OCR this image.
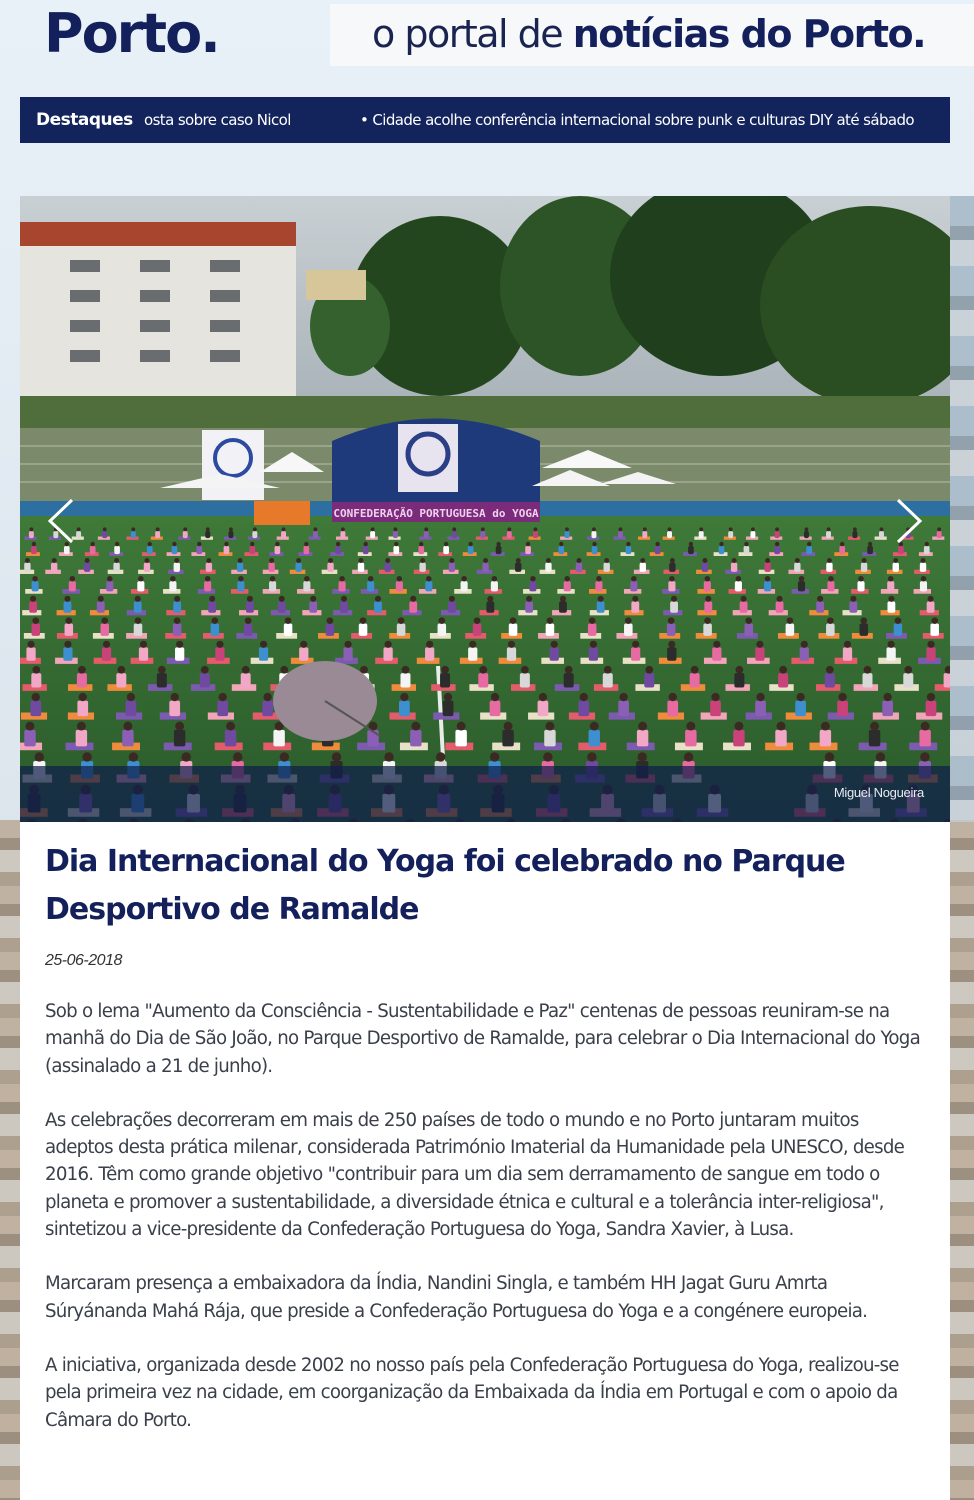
Porto.	o portal de notícias do Porto.
Destaques osta sobre caso Nicol	• Cidade acolhe conferência internacional sobre punk e culturas DIY até sábado
CONFEDERAÇÃO PORTUGUESA do YOGA
Miguel Nogueira
Dia Internacional do Yoga foi celebrado no Parque Desportivo de Ramalde
25-06-2018

Sob o lema "Aumento da Consciência - Sustentabilidade e Paz" centenas de pessoas reuniram-se na manhã do Dia de São João, no Parque Desportivo de Ramalde, para celebrar o Dia Internacional do Yoga (assinalado a 21 de junho).

As celebrações decorreram em mais de 250 países de todo o mundo e no Porto juntaram muitos adeptos desta prática milenar, considerada Património Imaterial da Humanidade pela UNESCO, desde 2016. Têm como grande objetivo "contribuir para um dia sem derramamento de sangue em todo o planeta e promover a sustentabilidade, a diversidade étnica e cultural e a tolerância inter-religiosa", sintetizou a vice-presidente da Confederação Portuguesa do Yoga, Sandra Xavier, à Lusa.

Marcaram presença a embaixadora da Índia, Nandini Singla, e também HH Jagat Guru Amrta Súryánanda Mahá Rája, que preside a Confederação Portuguesa do Yoga e a congénere europeia.

A iniciativa, organizada desde 2002 no nosso país pela Confederação Portuguesa do Yoga, realizou-se pela primeira vez na cidade, em coorganização da Embaixada da Índia em Portugal e com o apoio da Câmara do Porto.
